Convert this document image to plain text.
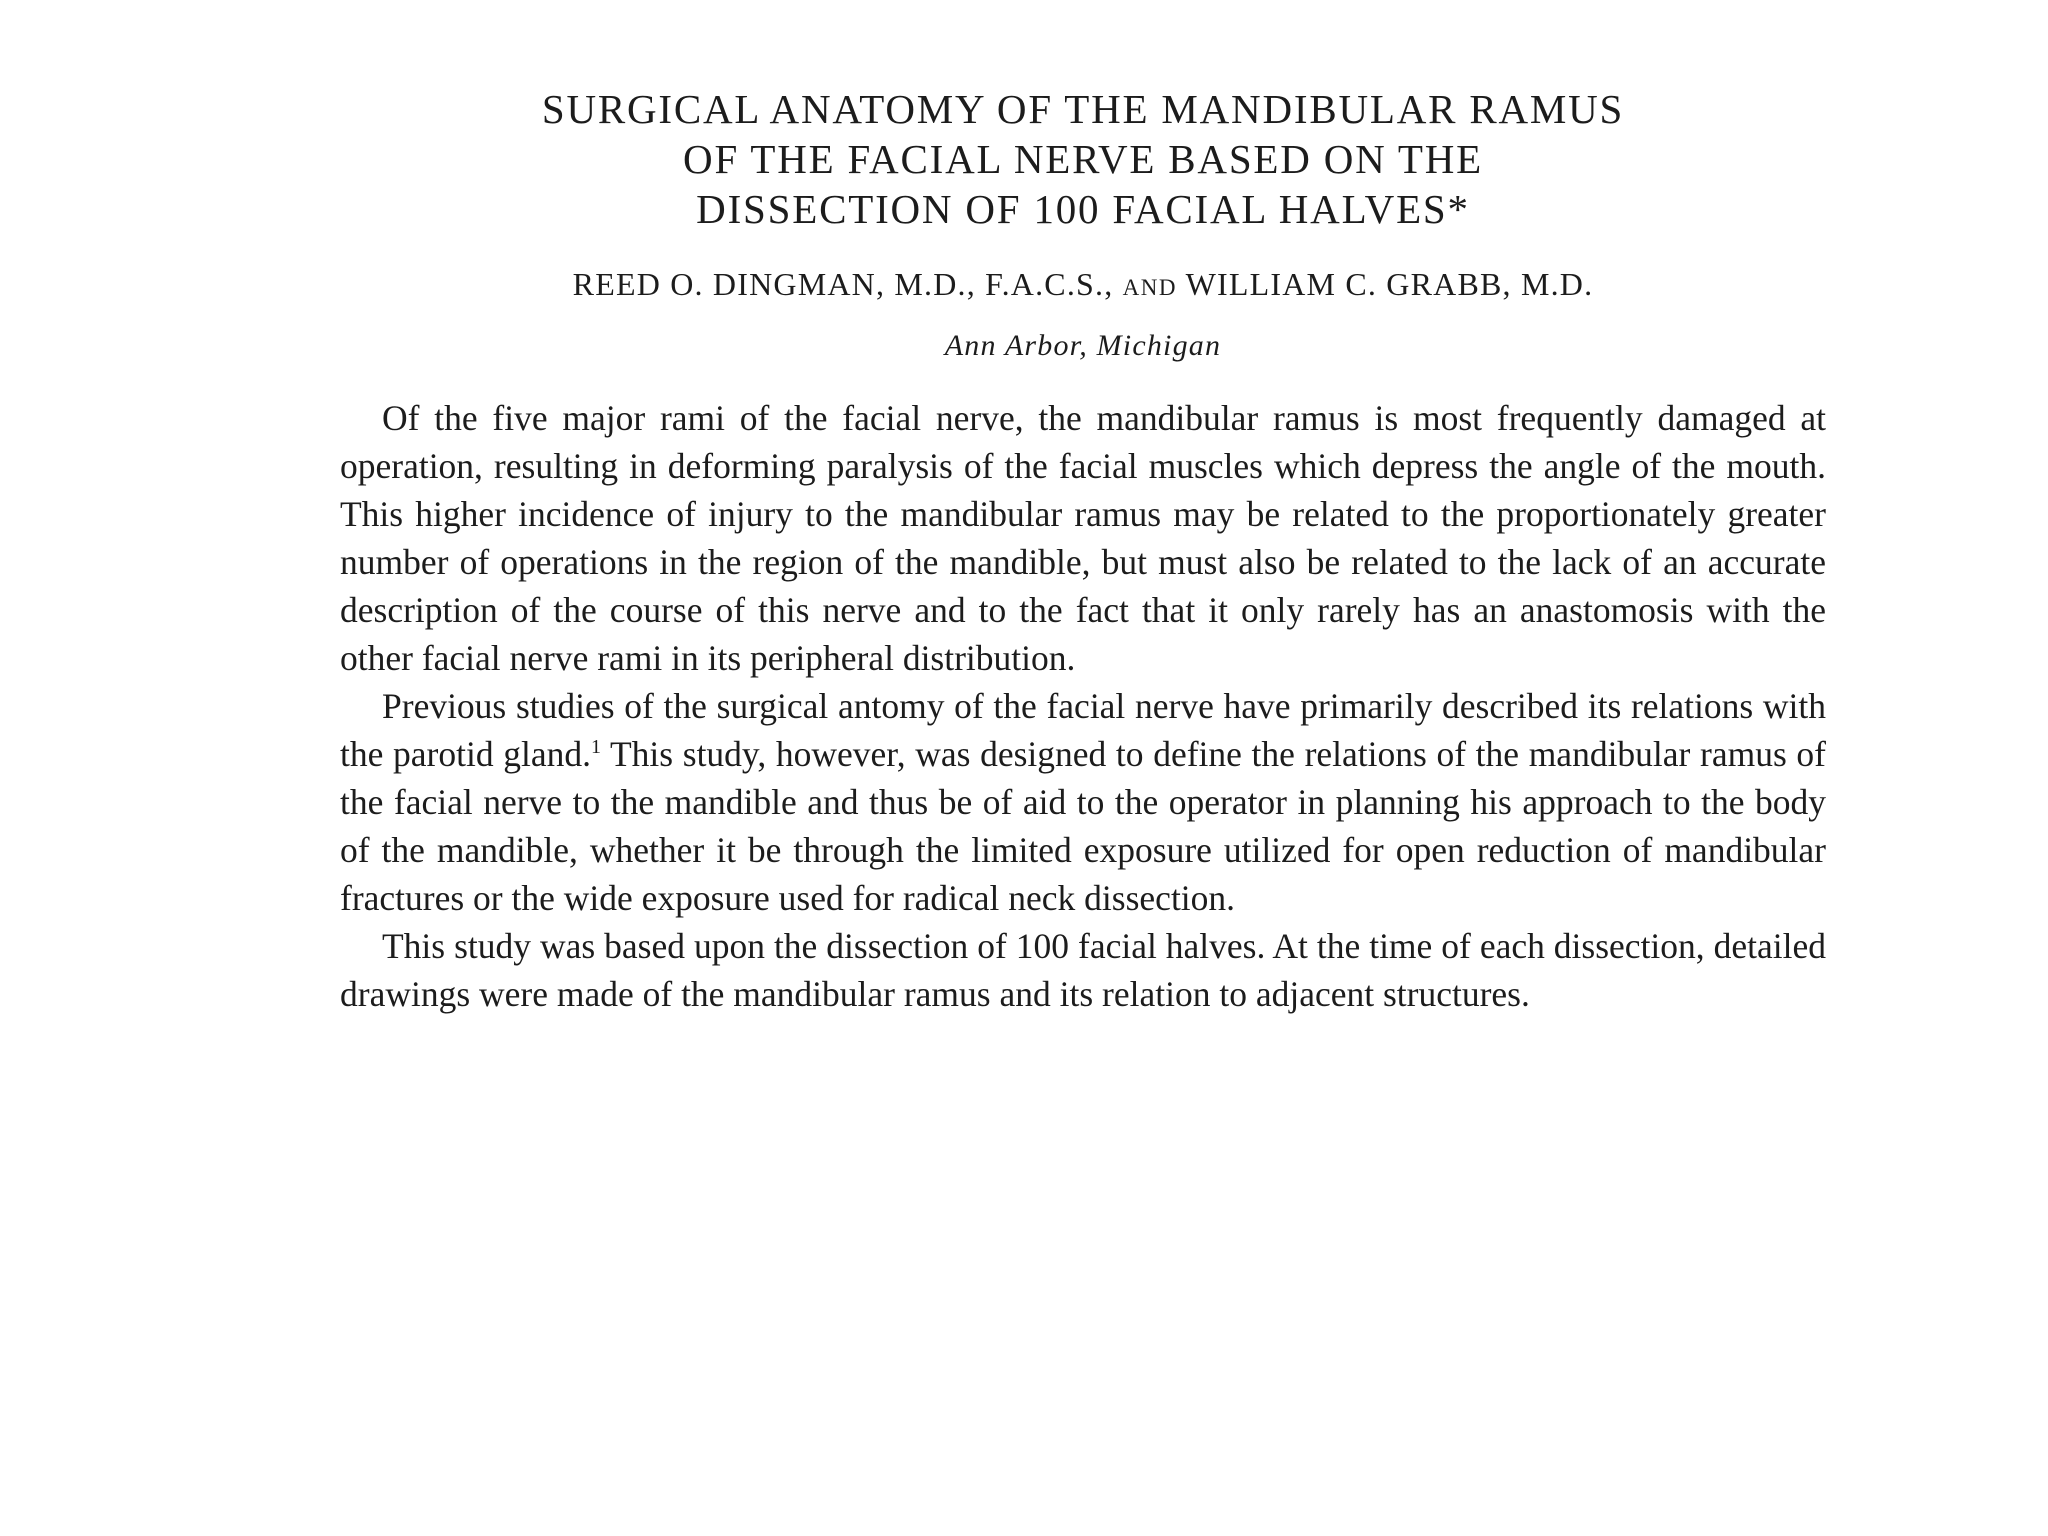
SURGICAL ANATOMY OF THE MANDIBULAR RAMUS
OF THE FACIAL NERVE BASED ON THE
DISSECTION OF 100 FACIAL HALVES*
REED O. DINGMAN, M.D., F.A.C.S., AND WILLIAM C. GRABB, M.D.
Ann Arbor, Michigan

Of the five major rami of the facial nerve, the mandibular ramus is most frequently damaged at operation, resulting in deforming paralysis of the facial muscles which depress the angle of the mouth. This higher incidence of injury to the mandibular ramus may be related to the proportionately greater number of operations in the region of the mandible, but must also be related to the lack of an accurate description of the course of this nerve and to the fact that it only rarely has an anastomosis with the other facial nerve rami in its peripheral distribution.

Previous studies of the surgical antomy of the facial nerve have primarily described its relations with the parotid gland.$^1$ This study, however, was designed to define the relations of the mandibular ramus of the facial nerve to the mandible and thus be of aid to the operator in planning his approach to the body of the mandible, whether it be through the limited exposure utilized for open reduction of mandibular fractures or the wide exposure used for radical neck dissection.

This study was based upon the dissection of 100 facial halves. At the time of each dissection, detailed drawings were made of the mandibular ramus and its relation to adjacent structures.
